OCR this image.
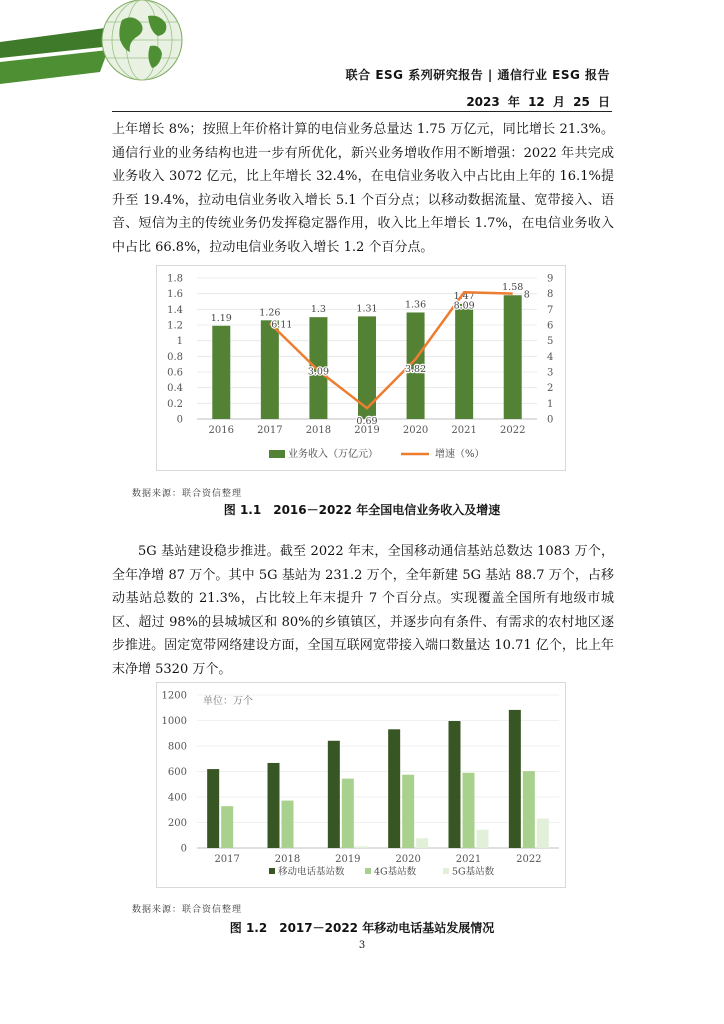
联合 ESG 系列研究报告 | 通信行业 ESG 报告
2023 年 12 月 25 日

上年增长 8%；按照上年价格计算的电信业务总量达 1.75 万亿元，同比增长 21.3%。通信行业的业务结构也进一步有所优化，新兴业务增收作用不断增强：2022 年共完成业务收入 3072 亿元，比上年增长 32.4%，在电信业务收入中占比由上年的 16.1%提升至 19.4%，拉动电信业务收入增长 5.1 个百分点；以移动数据流量、宽带接入、语音、短信为主的传统业务仍发挥稳定器作用，收入比上年增长 1.7%，在电信业务收入中占比 66.8%，拉动电信业务收入增长 1.2 个百分点。

0
0.2
0.4
0.6
0.8
1
1.2
1.4
1.6
1.8
0
1
2
3
4
5
6
7
8
9
1.19
2016
1.26
2017
1.3
2018
1.31
2019
1.36
2020
1.47
2021
1.58
2022
6.11
3.09
0.69
3.82
8.09
8
业务收入（万亿元）	增速（%）
数据来源：联合资信整理
图 1.1　2016－2022 年全国电信业务收入及增速

5G 基站建设稳步推进。截至 2022 年末，全国移动通信基站总数达 1083 万个，全年净增 87 万个。其中 5G 基站为 231.2 万个，全年新建 5G 基站 88.7 万个，占移动基站总数的 21.3%，占比较上年末提升 7 个百分点。实现覆盖全国所有地级市城区、超过 98%的县城城区和 80%的乡镇镇区，并逐步向有条件、有需求的农村地区逐步推进。固定宽带网络建设方面，全国互联网宽带接入端口数量达 10.71 亿个，比上年末净增 5320 万个。

0
200
400
600
800
1000
1200 单位：万个
2017	2018	2019	2020	2021	2022
移动电话基站数	4G基站数	5G基站数
数据来源：联合资信整理
图 1.2　2017－2022 年移动电话基站发展情况
3
